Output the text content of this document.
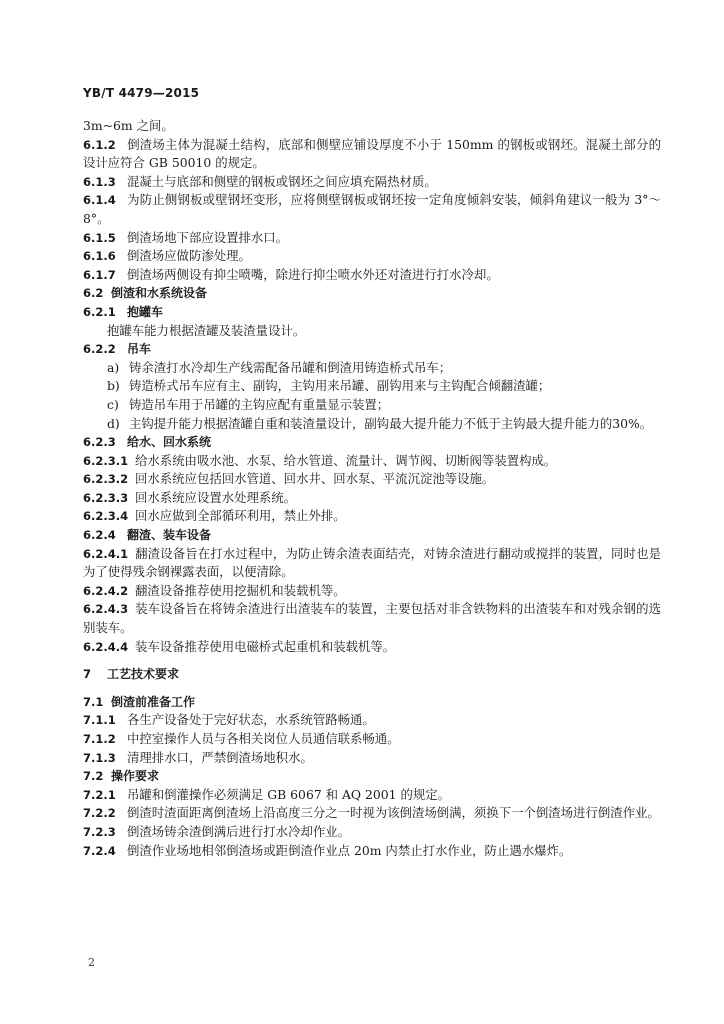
YB/T 4479—2015
3m~6m 之间。
6.1.2 倒渣场主体为混凝土结构，底部和侧壁应铺设厚度不小于 150mm 的钢板或钢坯。混凝土部分的设计应符合 GB 50010 的规定。
6.1.3 混凝土与底部和侧壁的钢板或钢坯之间应填充隔热材质。
6.1.4 为防止侧钢板或壁钢坯变形，应将侧壁钢板或钢坯按一定角度倾斜安装，倾斜角建议一般为 3°～8°。
6.1.5 倒渣场地下部应设置排水口。
6.1.6 倒渣场应做防渗处理。
6.1.7 倒渣场两侧设有抑尘喷嘴，除进行抑尘喷水外还对渣进行打水冷却。
6.2 倒渣和水系统设备
6.2.1 抱罐车
抱罐车能力根据渣罐及装渣量设计。
6.2.2 吊车
a) 铸余渣打水冷却生产线需配备吊罐和倒渣用铸造桥式吊车；
b) 铸造桥式吊车应有主、副钩，主钩用来吊罐、副钩用来与主钩配合倾翻渣罐；
c) 铸造吊车用于吊罐的主钩应配有重量显示装置；
d) 主钩提升能力根据渣罐自重和装渣量设计，副钩最大提升能力不低于主钩最大提升能力的30%。
6.2.3 给水、回水系统
6.2.3.1 给水系统由吸水池、水泵、给水管道、流量计、调节阀、切断阀等装置构成。
6.2.3.2 回水系统应包括回水管道、回水井、回水泵、平流沉淀池等设施。
6.2.3.3 回水系统应设置水处理系统。
6.2.3.4 回水应做到全部循环利用，禁止外排。
6.2.4 翻渣、装车设备
6.2.4.1 翻渣设备旨在打水过程中，为防止铸余渣表面结壳，对铸余渣进行翻动或搅拌的装置，同时也是为了使得残余钢裸露表面，以便清除。
6.2.4.2 翻渣设备推荐使用挖掘机和装载机等。
6.2.4.3 装车设备旨在将铸余渣进行出渣装车的装置，主要包括对非含铁物料的出渣装车和对残余钢的选别装车。
6.2.4.4 装车设备推荐使用电磁桥式起重机和装载机等。
7 工艺技术要求
7.1 倒渣前准备工作
7.1.1 各生产设备处于完好状态，水系统管路畅通。
7.1.2 中控室操作人员与各相关岗位人员通信联系畅通。
7.1.3 清理排水口，严禁倒渣场地积水。
7.2 操作要求
7.2.1 吊罐和倒灌操作必须满足 GB 6067 和 AQ 2001 的规定。
7.2.2 倒渣时渣面距离倒渣场上沿高度三分之一时视为该倒渣场倒满，须换下一个倒渣场进行倒渣作业。
7.2.3 倒渣场铸余渣倒满后进行打水冷却作业。
7.2.4 倒渣作业场地相邻倒渣场或距倒渣作业点 20m 内禁止打水作业，防止遇水爆炸。
2
